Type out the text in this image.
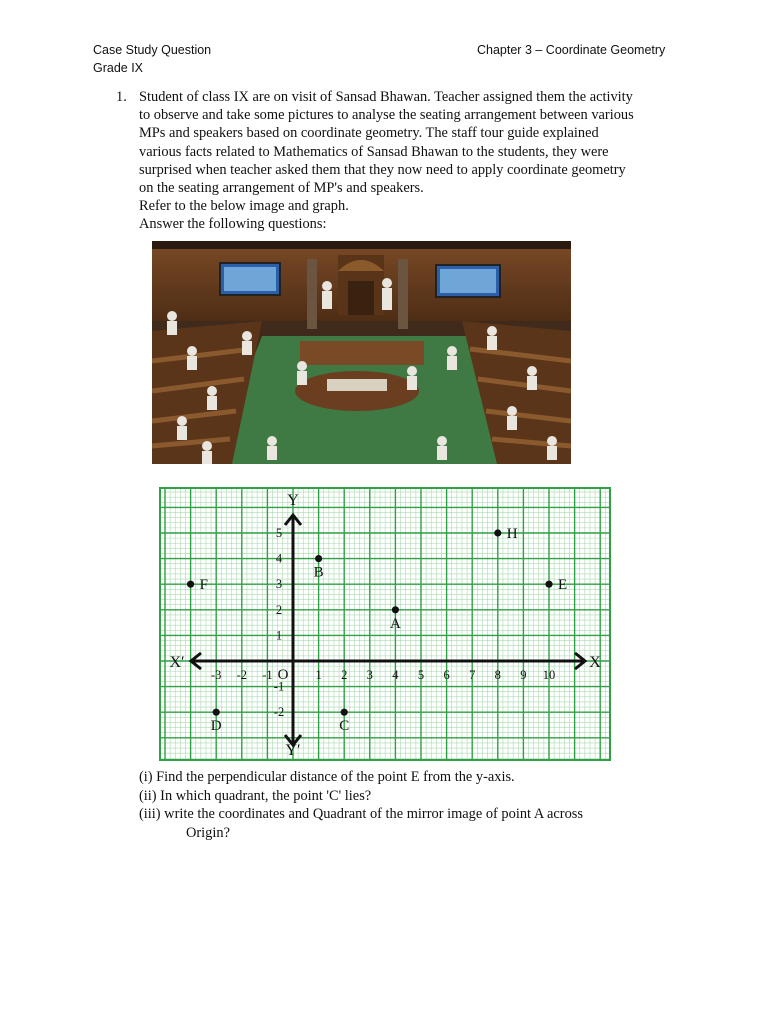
Case Study Question
Grade IX
Chapter 3 – Coordinate Geometry
1. Student of class IX are on visit of Sansad Bhawan. Teacher assigned them the activity

to observe and take some pictures to analyse the seating arrangement between various

MPs and speakers based on coordinate geometry. The staff tour guide explained

various facts related to Mathematics of Sansad Bhawan to the students, they were

surprised when teacher asked them that they now need to apply coordinate geometry

on the seating arrangement of MP's and speakers.

Refer to the below image and graph.

Answer the following questions:

X
X′
Y
Y′
O
-3 -2 -1	1 2 3 4 5 6 7 8 9 10
5
4
3
2
1
-1
-2
A
B
C
D
E
F
H
(i) Find the perpendicular distance of the point E from the y-axis.
(ii) In which quadrant, the point 'C' lies?
(iii) write the coordinates and Quadrant of the mirror image of point A across
Origin?
